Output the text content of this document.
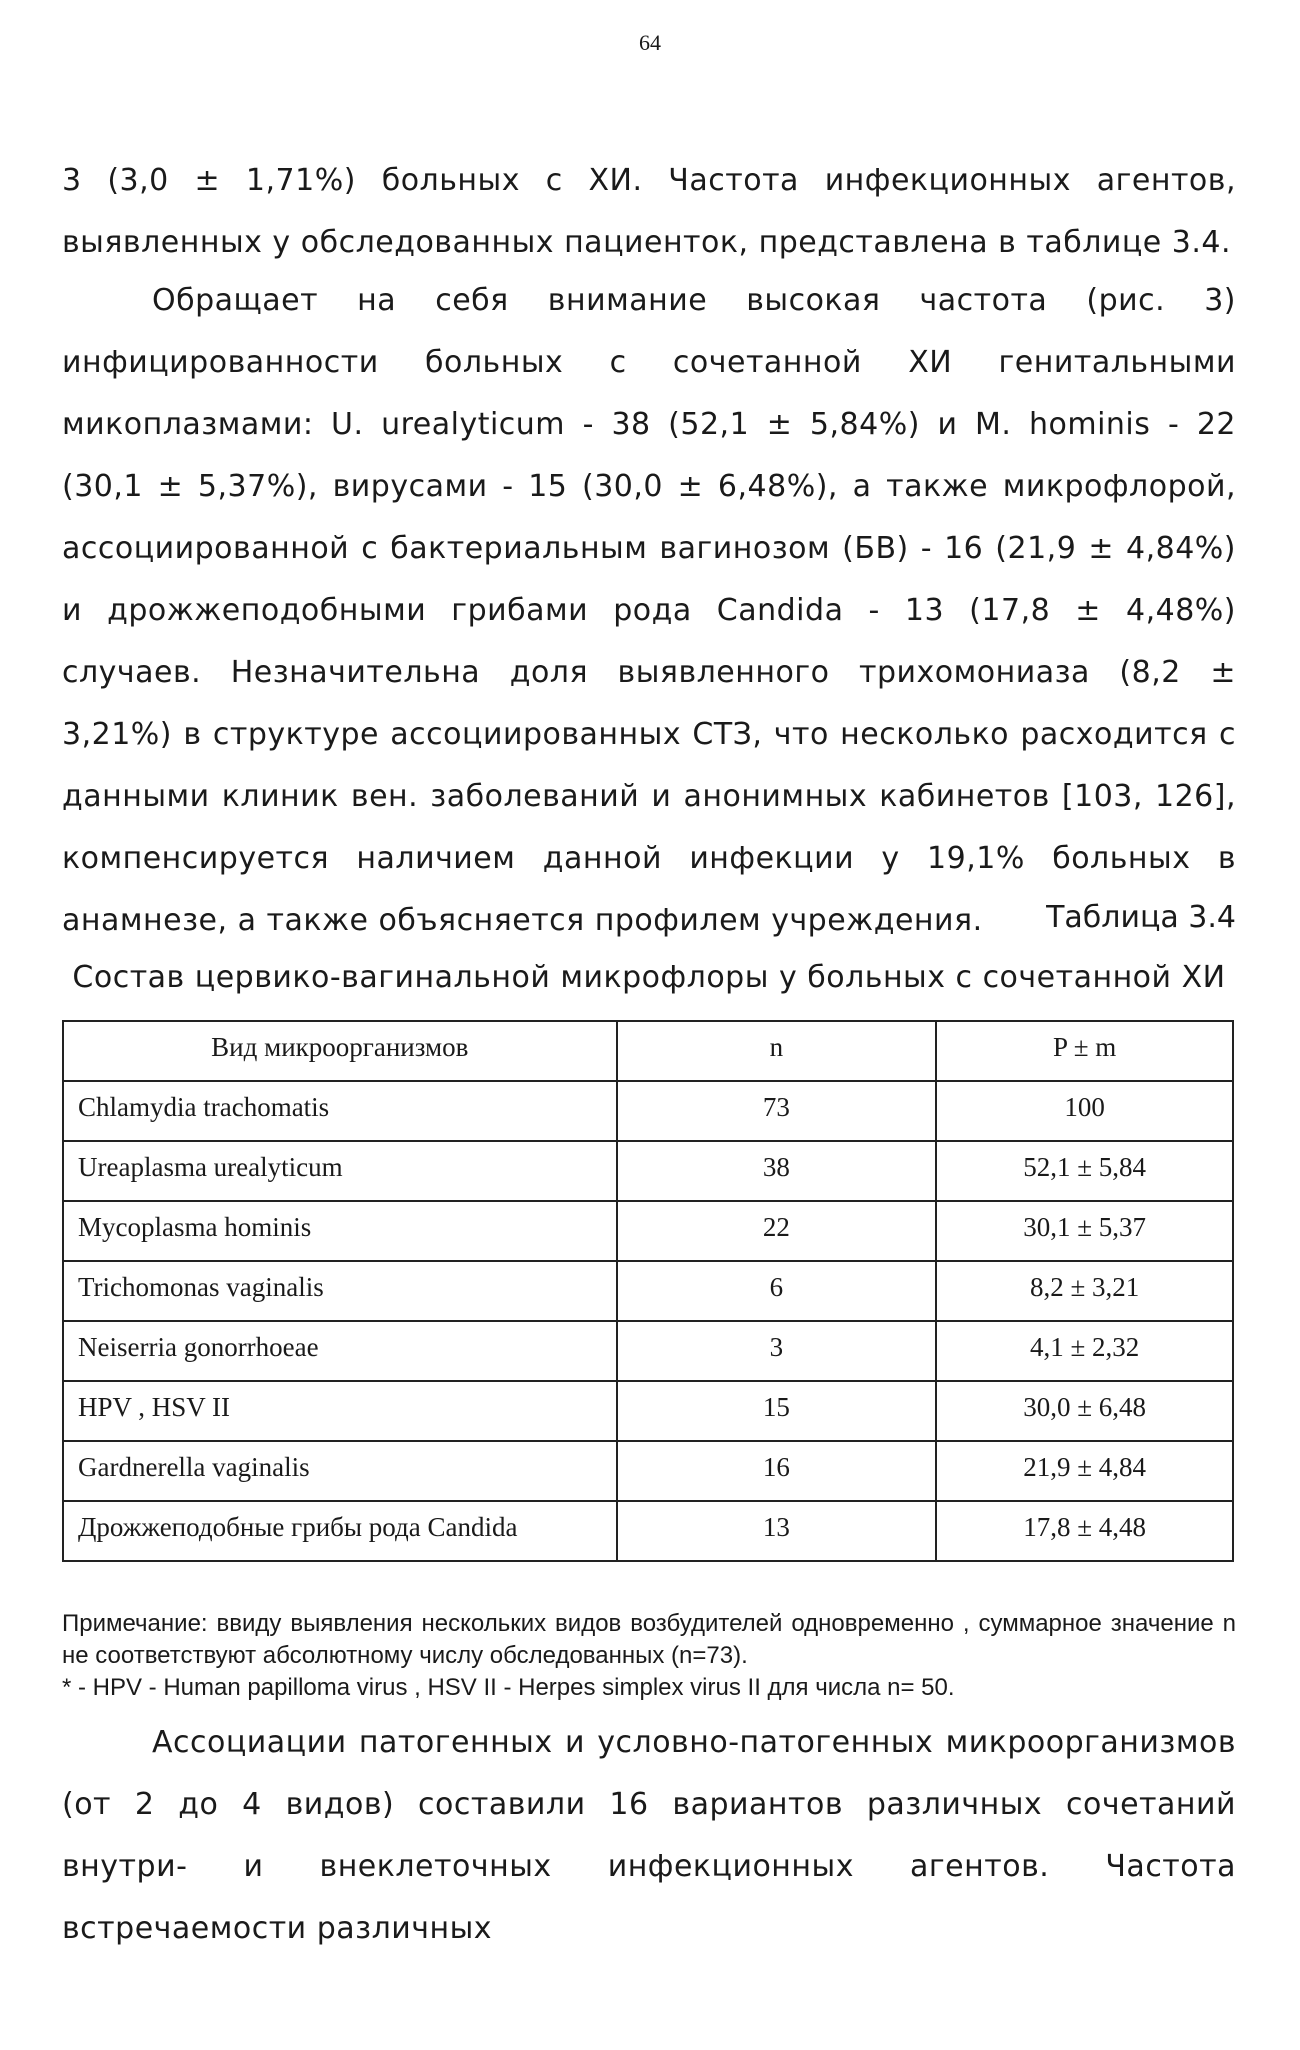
64

3 (3,0 ± 1,71%) больных с ХИ. Частота инфекционных агентов, выявленных у обследованных пациенток, представлена в таблице 3.4.

Обращает на себя внимание высокая частота (рис. 3) инфицированности больных с сочетанной ХИ генитальными микоплазмами: U. urealyticum - 38 (52,1 ± 5,84%) и M. hominis - 22 (30,1 ± 5,37%), вирусами - 15 (30,0 ± 6,48%), а также микрофлорой, ассоциированной с бактериальным вагинозом (БВ) - 16 (21,9 ± 4,84%) и дрожжеподобными грибами рода Candida - 13 (17,8 ± 4,48%) случаев. Незначительна доля выявленного трихомониаза (8,2 ± 3,21%) в структуре ассоциированных СТЗ, что несколько расходится с данными клиник вен. заболеваний и анонимных кабинетов [103, 126], компенсируется наличием данной инфекции у 19,1% больных в анамнезе, а также объясняется профилем учреждения.	Таблица 3.4
Состав цервико-вагинальной микрофлоры у больных с сочетанной ХИ
Вид микроорганизмов	n	P ± m
Chlamydia trachomatis	73	100
Ureaplasma urealyticum	38	52,1 ± 5,84
Mycoplasma hominis	22	30,1 ± 5,37
Trichomonas vaginalis	6	8,2 ± 3,21
Neiserria gonorrhoeae	3	4,1 ± 2,32
HPV , HSV II	15	30,0 ± 6,48
Gardnerella vaginalis	16	21,9 ± 4,84
Дрожжеподобные грибы рода Candida	13	17,8 ± 4,48

Примечание: ввиду выявления нескольких видов возбудителей одновременно , суммарное значение n не соответствуют абсолютному числу обследованных (n=73).

* - HPV - Human papilloma virus , HSV II - Herpes simplex virus II для числа n= 50.

Ассоциации патогенных и условно-патогенных микроорганизмов (от 2 до 4 видов) составили 16 вариантов различных сочетаний внутри- и внеклеточных инфекционных агентов. Частота встречаемости различных
